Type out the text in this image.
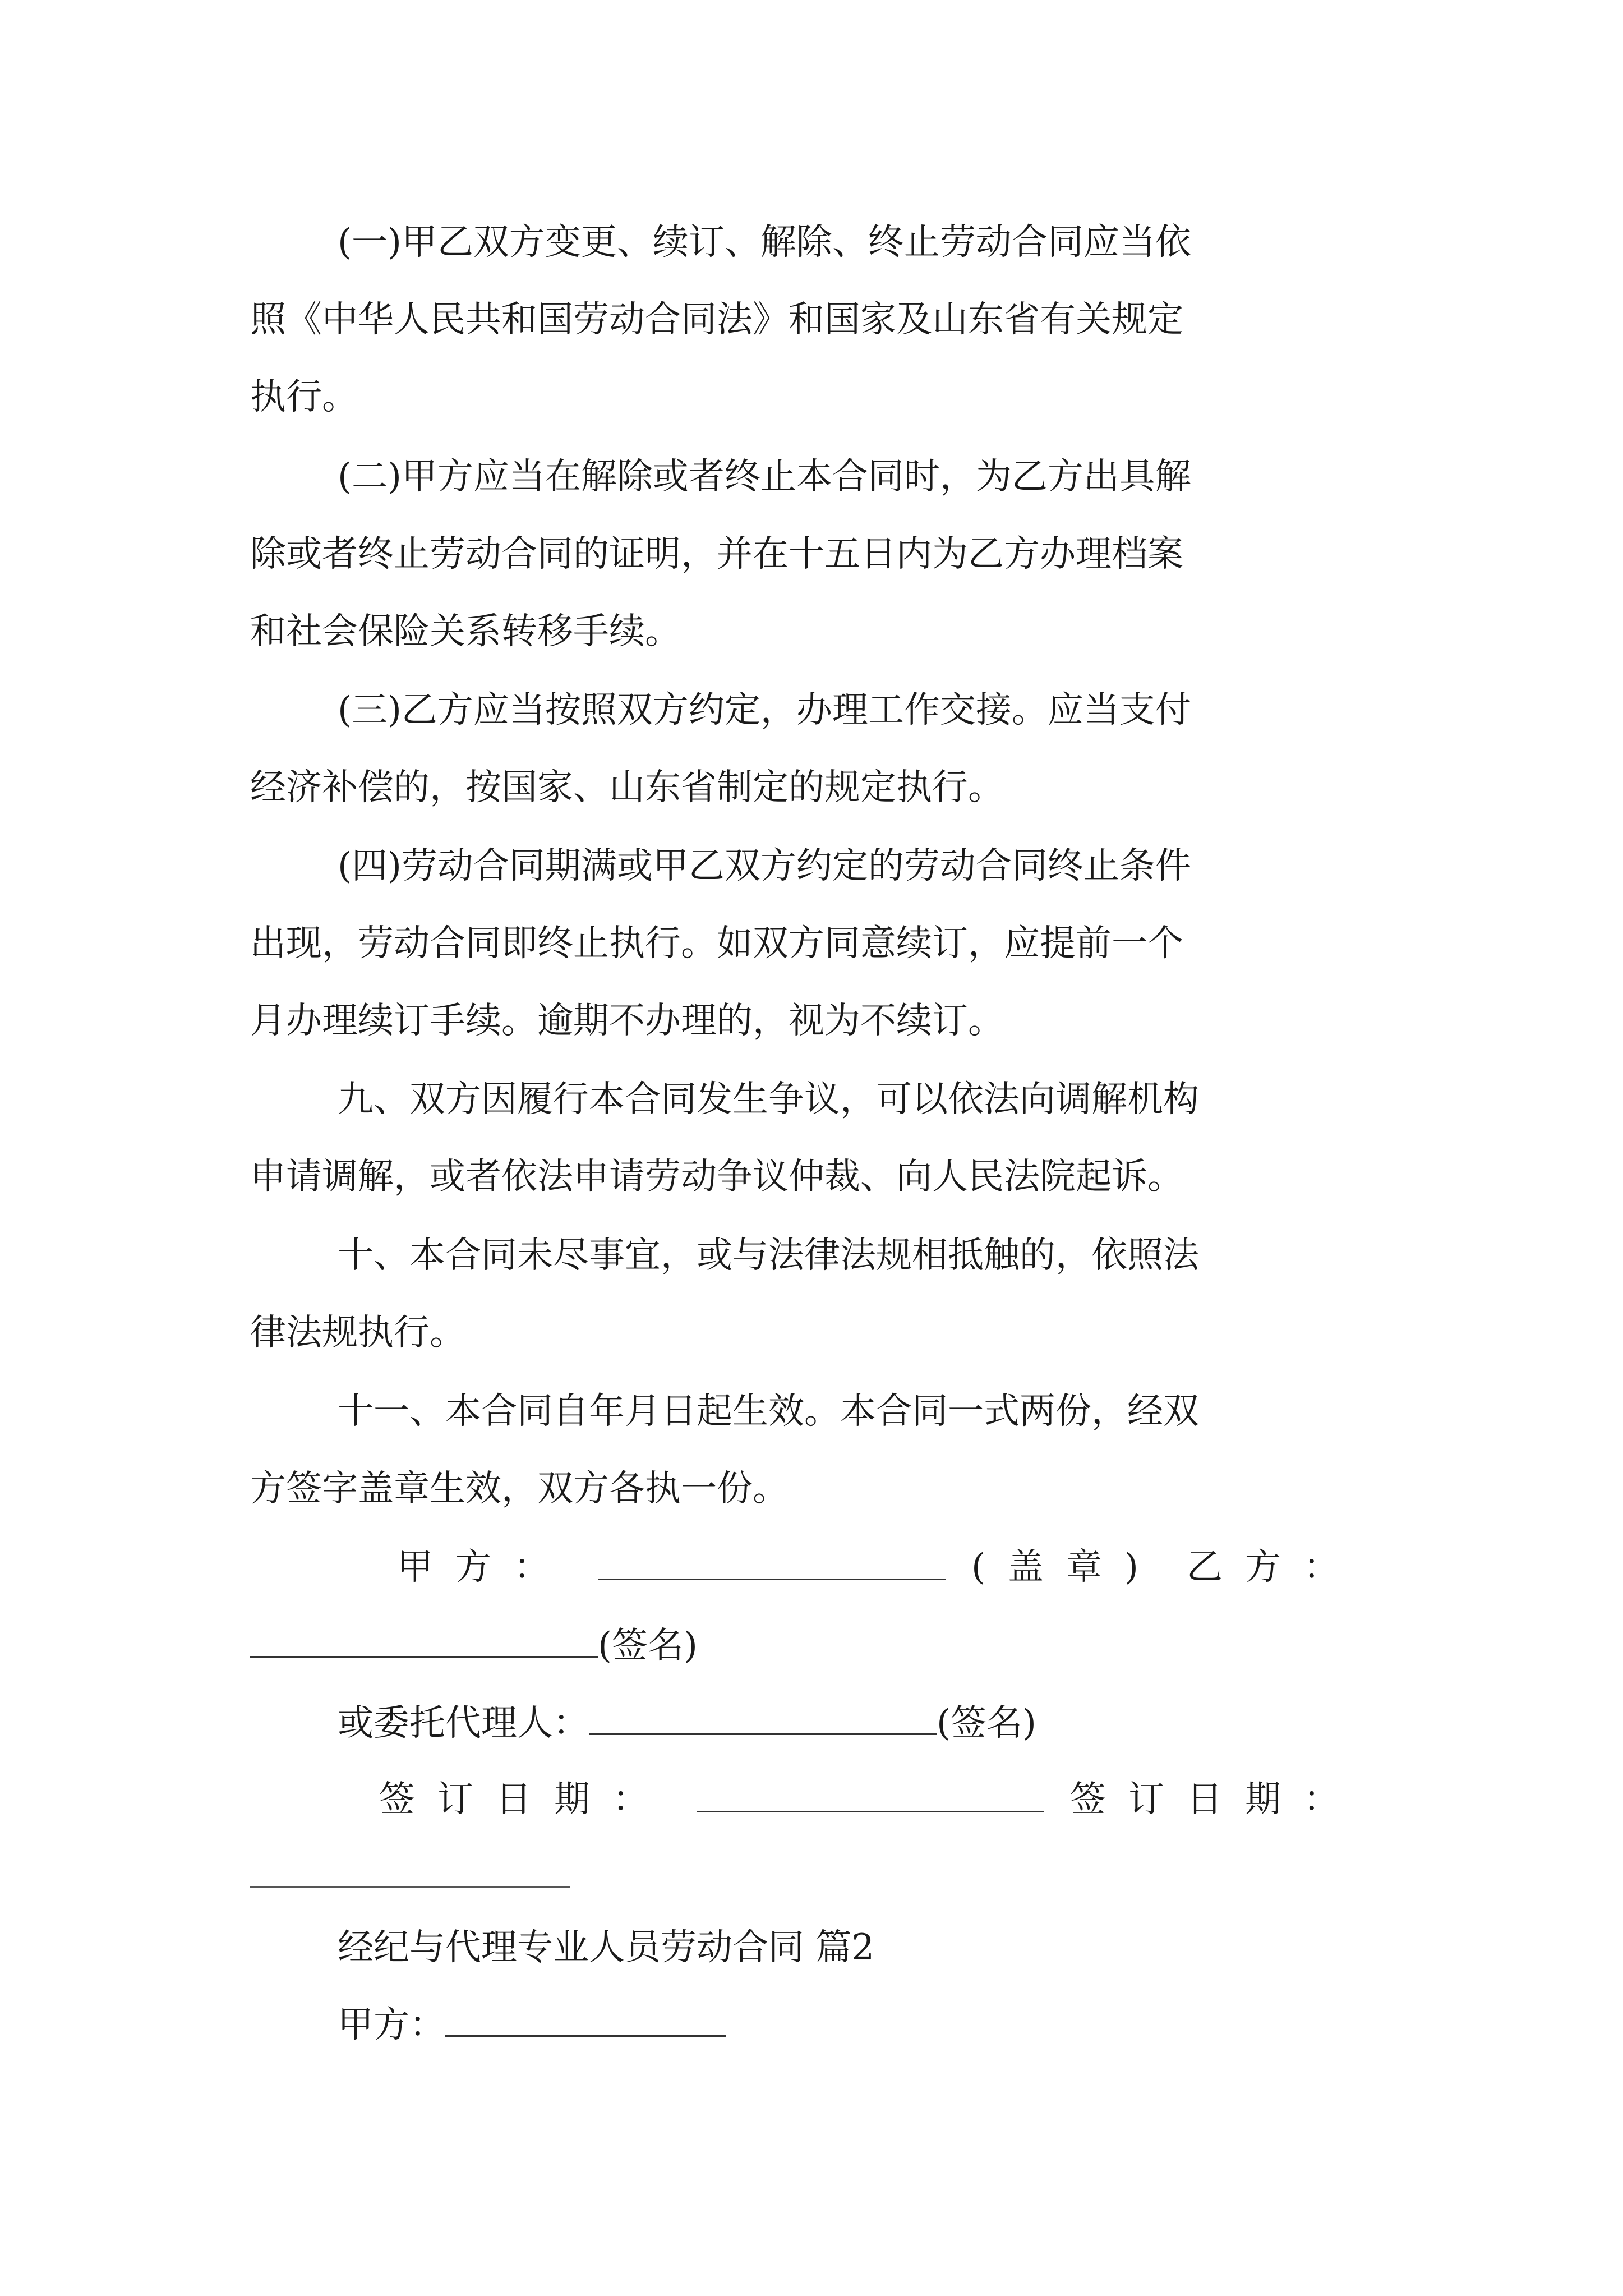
(一)甲乙双方变更、续订、解除、终止劳动合同应当依
照《中华人民共和国劳动合同法》和国家及山东省有关规定
执行。
(二)甲方应当在解除或者终止本合同时，为乙方出具解
除或者终止劳动合同的证明，并在十五日内为乙方办理档案
和社会保险关系转移手续。
(三)乙方应当按照双方约定，办理工作交接。应当支付
经济补偿的，按国家、山东省制定的规定执行。
(四)劳动合同期满或甲乙双方约定的劳动合同终止条件
出现，劳动合同即终止执行。如双方同意续订，应提前一个
月办理续订手续。逾期不办理的，视为不续订。
九、双方因履行本合同发生争议，可以依法向调解机构
申请调解，或者依法申请劳动争议仲裁、向人民法院起诉。
十、本合同未尽事宜，或与法律法规相抵触的，依照法
律法规执行。
十一、本合同自年月日起生效。本合同一式两份，经双
方签字盖章生效，双方各执一份。
甲方：	(盖章) 乙方：
(签名)
或委托代理人：	(签名)
签订日期：	签订日期：
经纪与代理专业人员劳动合同 篇2
甲方：
